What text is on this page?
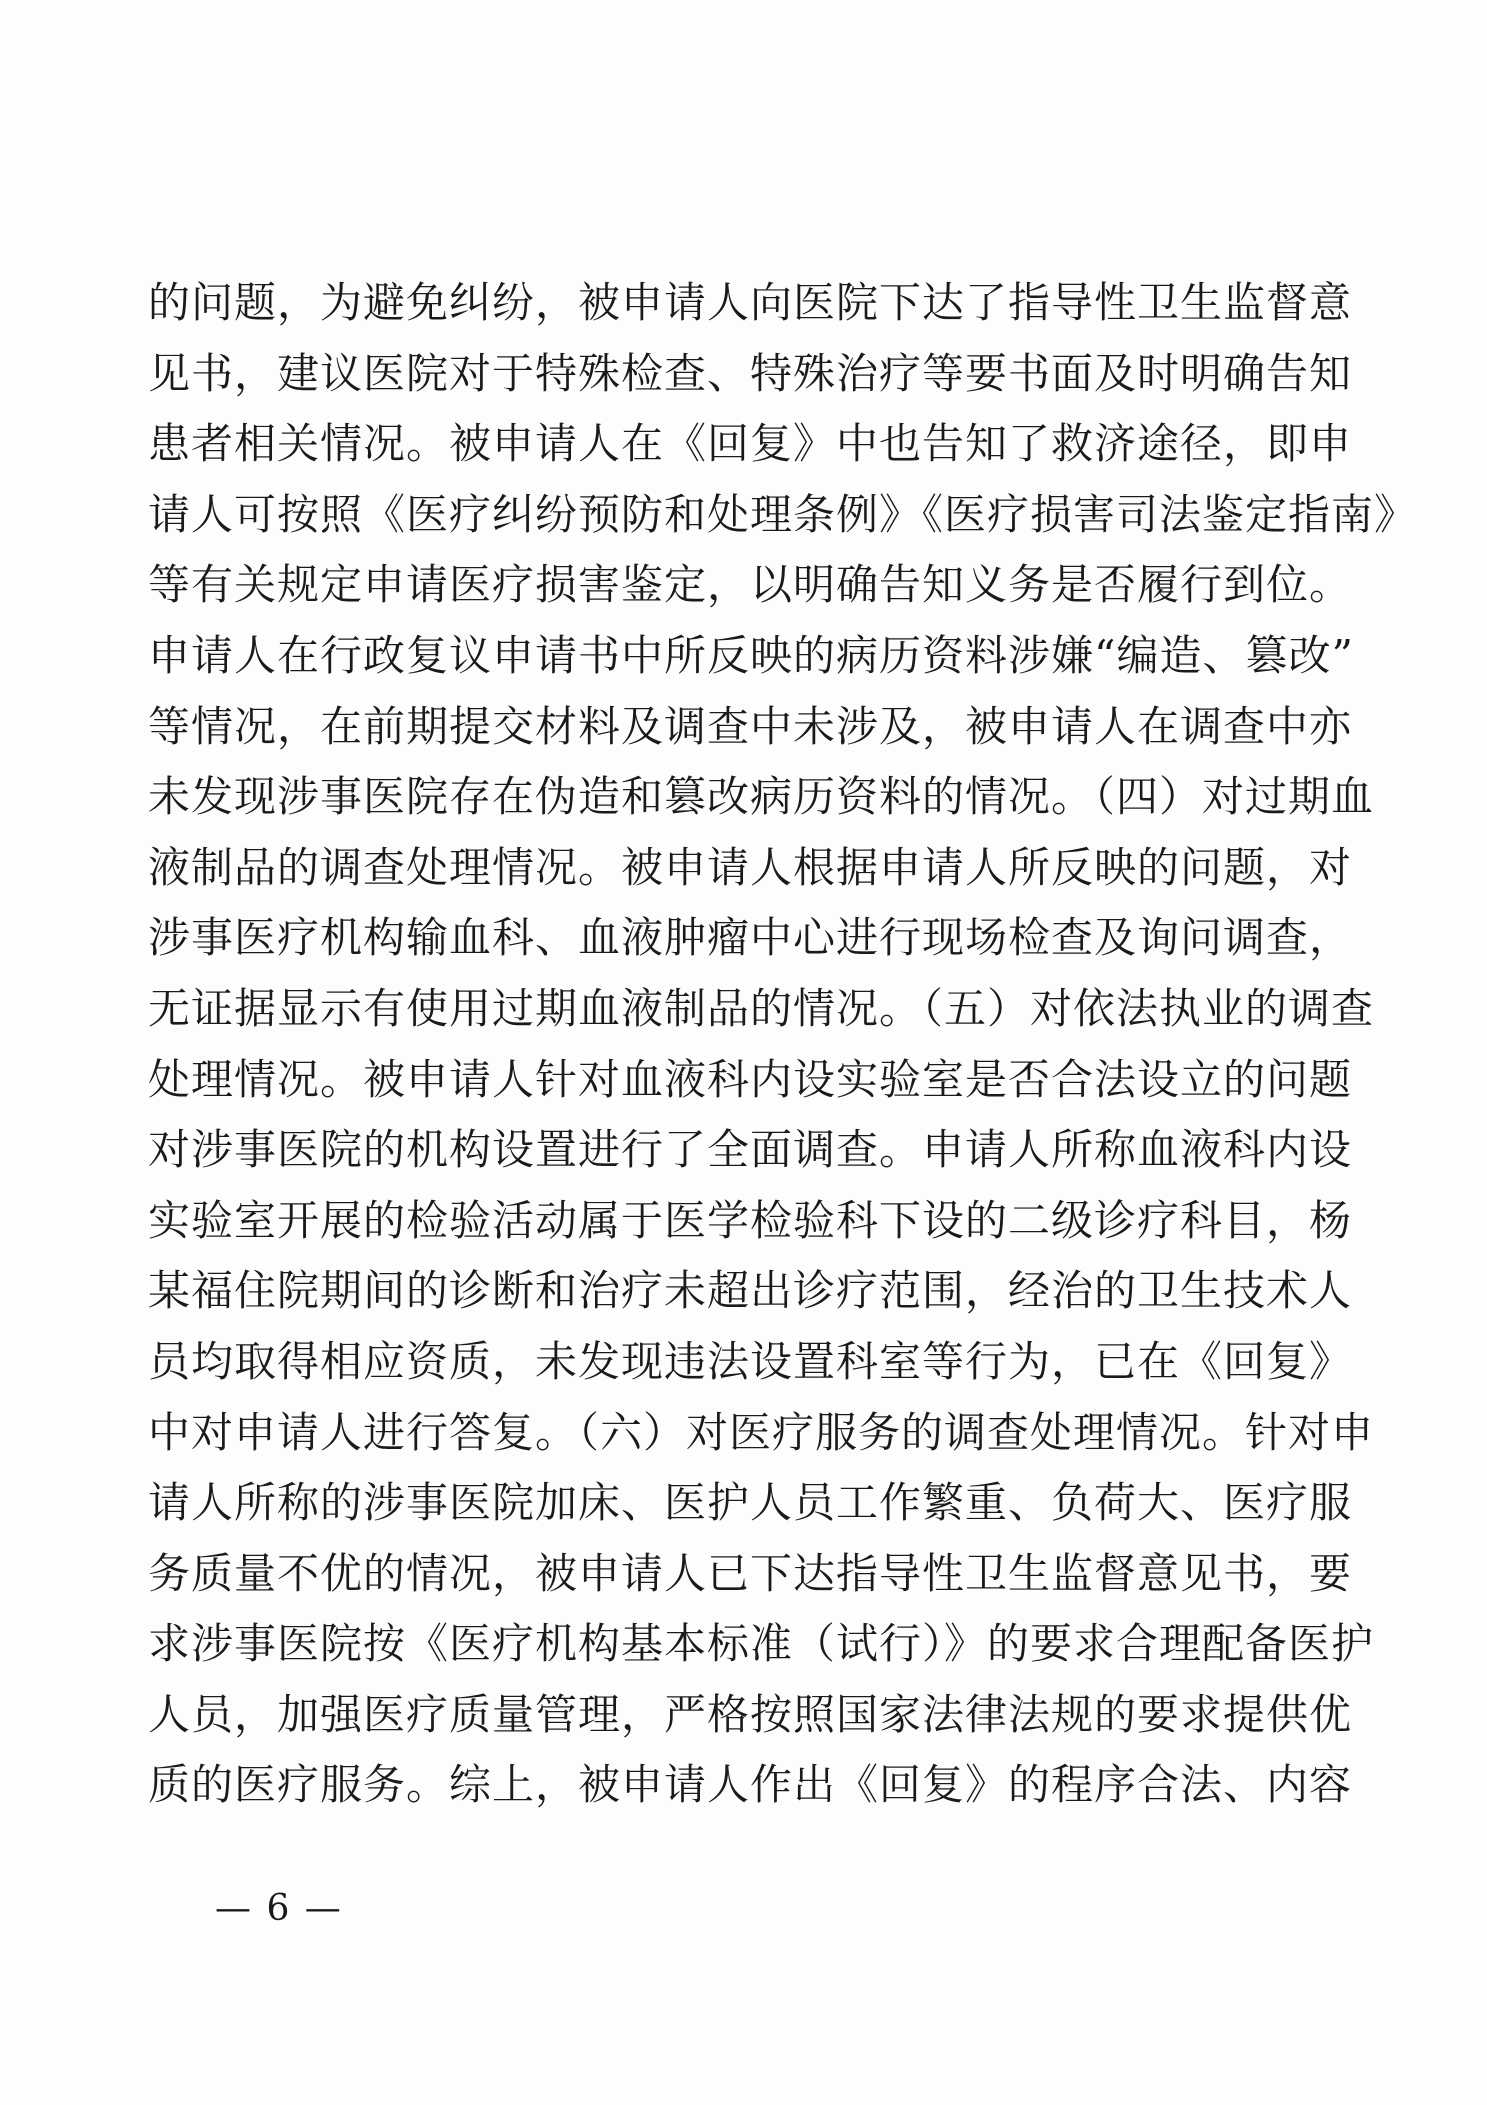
的问题，为避免纠纷，被申请人向医院下达了指导性卫生监督意
见书，建议医院对于特殊检查、特殊治疗等要书面及时明确告知
患者相关情况。被申请人在《回复》中也告知了救济途径，即申
请人可按照《医疗纠纷预防和处理条例》《医疗损害司法鉴定指南》
等有关规定申请医疗损害鉴定，以明确告知义务是否履行到位。
申请人在行政复议申请书中所反映的病历资料涉嫌“编造、篡改”
等情况，在前期提交材料及调查中未涉及，被申请人在调查中亦
未发现涉事医院存在伪造和篡改病历资料的情况。（四）对过期血
液制品的调查处理情况。被申请人根据申请人所反映的问题，对
涉事医疗机构输血科、血液肿瘤中心进行现场检查及询问调查，
无证据显示有使用过期血液制品的情况。（五）对依法执业的调查
处理情况。被申请人针对血液科内设实验室是否合法设立的问题
对涉事医院的机构设置进行了全面调查。申请人所称血液科内设
实验室开展的检验活动属于医学检验科下设的二级诊疗科目，杨
某福住院期间的诊断和治疗未超出诊疗范围，经治的卫生技术人
员均取得相应资质，未发现违法设置科室等行为，已在《回复》
中对申请人进行答复。（六）对医疗服务的调查处理情况。针对申
请人所称的涉事医院加床、医护人员工作繁重、负荷大、医疗服
务质量不优的情况，被申请人已下达指导性卫生监督意见书，要
求涉事医院按《医疗机构基本标准（试行）》的要求合理配备医护
人员，加强医疗质量管理，严格按照国家法律法规的要求提供优
质的医疗服务。综上，被申请人作出《回复》的程序合法、内容
— 6 —
